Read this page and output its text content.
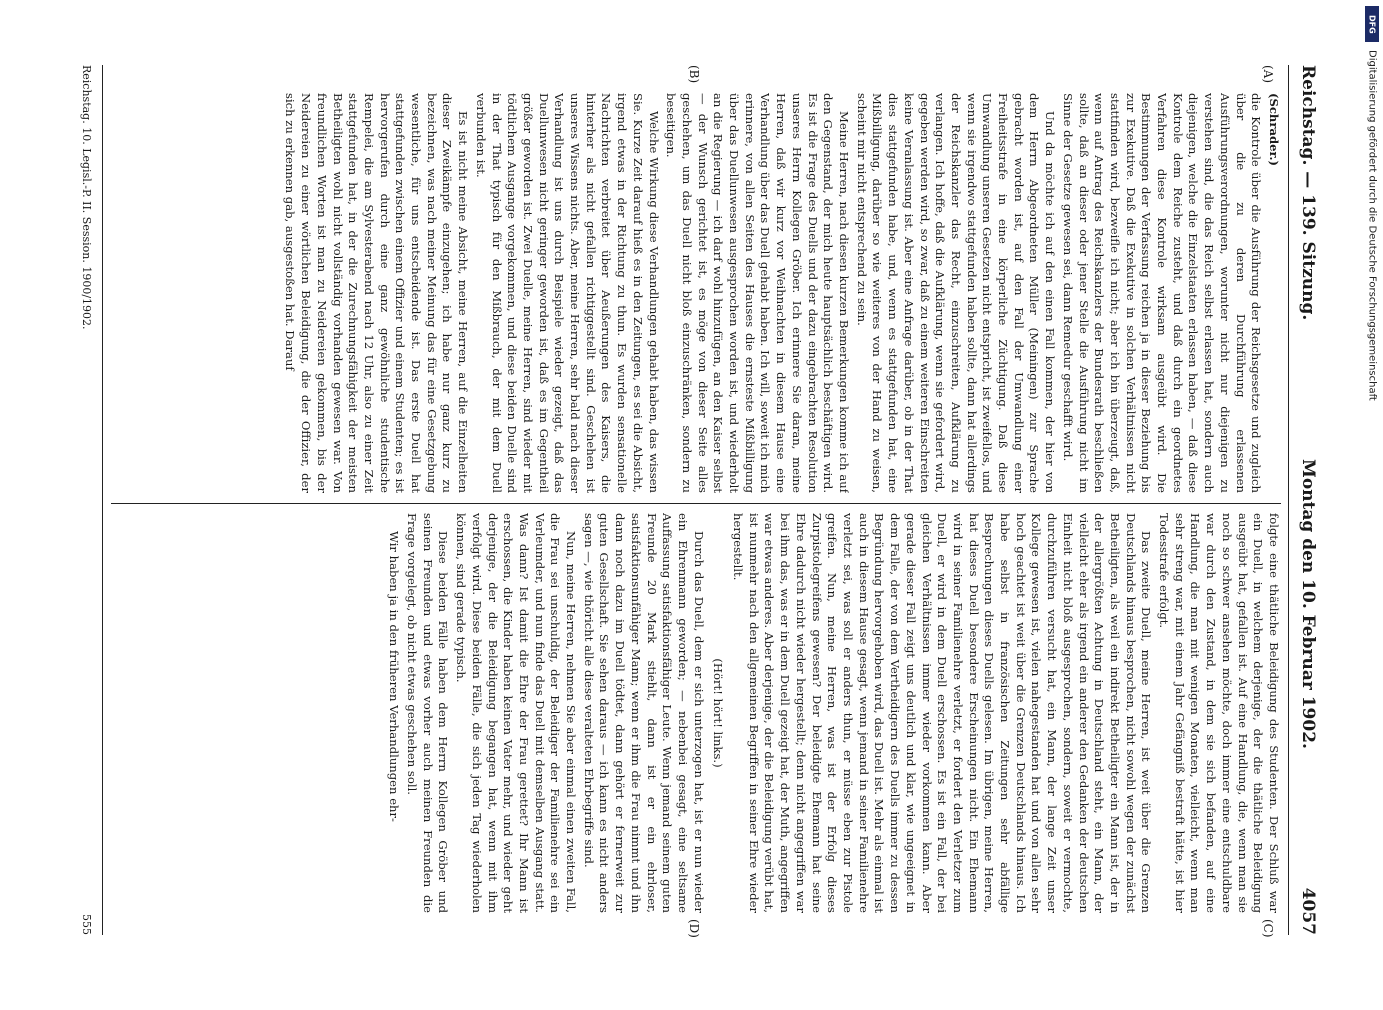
Reichstag. — 139. Sitzung.
Montag den 10. Februar 1902.
4057
(A)
(B)
(C)
(D)

(Schrader.)

die Kontrole über die Ausführung der Reichsgesetze und zugleich über die zu deren Durchführung erlassenen Ausführungsverordnungen, worunter nicht nur diejenigen zu verstehen sind, die das Reich selbst erlassen hat, sondern auch diejenigen, welche die Einzelstaaten erlassen haben, — daß diese Kontrole dem Reiche zusteht, und daß durch ein geordnetes Verfahren diese Kontrole wirksam ausgeübt wird. Die Bestimmungen der Verfassung reichen ja in dieser Beziehung bis zur Exekutive. Daß die Exekutive in solchen Verhältnissen nicht stattfinden wird, bezweifle ich nicht; aber ich bin überzeugt, daß, wenn auf Antrag des Reichskanzlers der Bundesrath beschließen sollte, daß an dieser oder jener Stelle die Ausführung nicht im Sinne der Gesetze gewesen sei, dann Remedur geschafft wird.

Und da möchte ich auf den einen Fall kommen, der hier von dem Herrn Abgeordneten Müller (Meiningen) zur Sprache gebracht worden ist, auf den Fall der Umwandlung einer Freiheitsstrafe in eine körperliche Züchtigung. Daß diese Umwandlung unseren Gesetzen nicht entspricht, ist zweifellos, und wenn sie irgendwo stattgefunden haben sollte, dann hat allerdings der Reichskanzler das Recht, einzuschreiten, Aufklärung zu verlangen. Ich hoffe, daß die Aufklärung, wenn sie gefordert wird, gegeben werden wird, so zwar, daß zu einem weiteren Einschreiten keine Veranlassung ist. Aber eine Anfrage darüber, ob in der That dies stattgefunden habe, und, wenn es stattgefunden hat, eine Mißbilligung, darüber so wie weiteres von der Hand zu weisen, scheint mir nicht entsprechend zu sein.

Meine Herren, nach diesen kurzen Bemerkungen komme ich auf den Gegenstand, der mich heute hauptsächlich beschäftigen wird. Es ist die Frage des Duells und der dazu eingebrachten Resolution unseres Herrn Kollegen Gröber. Ich erinnere Sie daran, meine Herren, daß wir kurz vor Weihnachten in diesem Hause eine Verhandlung über das Duell gehabt haben. Ich will, soweit ich mich erinnere, von allen Seiten des Hauses die ernsteste Mißbilligung über das Duellunwesen ausgesprochen worden ist, und wiederholt an die Regierung — ich darf wohl hinzufügen, an den Kaiser selbst — der Wunsch gerichtet ist, es möge von dieser Seite alles geschehen, um das Duell nicht bloß einzuschränken, sondern zu beseitigen.

Welche Wirkung diese Verhandlungen gehabt haben, das wissen Sie. Kurze Zeit darauf hieß es in den Zeitungen, es sei die Absicht, irgend etwas in der Richtung zu thun. Es wurden sensationelle Nachrichten verbreitet über Aeußerungen des Kaisers, die hinterher als nicht gefallen richtiggestellt sind. Geschehen ist unseres Wissens nichts. Aber, meine Herren, sehr bald nach dieser Verhandlung ist uns durch Beispiele wieder gezeigt, daß das Duellunwesen nicht geringer geworden ist, daß es im Gegentheil größer geworden ist. Zwei Duelle, meine Herren, sind wieder mit tödtlichem Ausgange vorgekommen, und diese beiden Duelle sind in der That typisch für den Mißbrauch, der mit dem Duell verbunden ist.

Es ist nicht meine Absicht, meine Herren, auf die Einzelheiten dieser Zweikämpfe einzugehen; ich habe nur ganz kurz zu bezeichnen, was nach meiner Meinung das für eine Gesetzgebung wesentliche, für uns entscheidende ist. Das erste Duell hat stattgefunden zwischen einem Offizier und einem Studenten; es ist hervorgerufen durch eine ganz gewöhnliche studentische Rempelei, die am Sylvesterabend nach 12 Uhr, also zu einer Zeit stattgefunden hat, in der die Zurechnungsfähigkeit der meisten Betheiligten wohl nicht vollständig vorhanden gewesen war. Von freundlichen Worten ist man zu Neidereien gekommen, bis der Neidereien zu einer wörtlichen Beleidigung, die der Offizier, der sich zu erkennen gab, ausgestoßen hat. Darauf

folgte eine thätliche Beleidigung des Studenten. Der Schluß war ein Duell, in welchem derjenige, der die thätliche Beleidigung ausgeübt hat, gefallen ist. Auf eine Handlung, die, wenn man sie noch so schwer ansehen möchte, doch immer eine entschuldbare war durch den Zustand, in dem sie sich befanden, auf eine Handlung, die man mit wenigen Monaten, vielleicht, wenn man sehr streng war, mit einem Jahr Gefängniß bestraft hätte, ist hier Todesstrafe erfolgt.

Das zweite Duell, meine Herren, ist weit über die Grenzen Deutschlands hinaus besprochen, nicht sowohl wegen der zunächst Betheiligten, als weil ein indirekt Betheiligter ein Mann ist, der in der allergrößten Achtung in Deutschland steht, ein Mann, der vielleicht eher als irgend ein anderer den Gedanken der deutschen Einheit nicht bloß ausgesprochen, sondern, soweit er vermochte, durchzuführen versucht hat, ein Mann, der lange Zeit unser Kollege gewesen ist, vielen nahegestanden hat und von allen sehr hoch geachtet ist weit über die Grenzen Deutschlands hinaus. Ich habe selbst in französischen Zeitungen sehr abfällige Besprechungen dieses Duells gelesen. Im übrigen, meine Herren, hat dieses Duell besondere Erscheinungen nicht. Ein Ehemann wird in seiner Familienehre verletzt, er fordert den Verletzer zum Duell, er wird in dem Duell erschossen. Es ist ein Fall, der bei gleichen Verhältnissen immer wieder vorkommen kann. Aber gerade dieser Fall zeigt uns deutlich und klar, wie ungeeignet in dem Falle, der von dem Vertheidigern des Duells immer zu dessen Begründung hervorgehoben wird, das Duell ist. Mehr als einmal ist auch in diesem Hause gesagt, wenn jemand in seiner Familienehre verletzt sei, was soll er anders thun, er müsse eben zur Pistole greifen. Nun, meine Herren, was ist der Erfolg dieses Zurpistolegreifens gewesen? Der beleidigte Ehemann hat seine Ehre dadurch nicht wieder hergestellt; denn nicht angegriffen war bei ihm das, was er in dem Duell gezeigt hat, der Muth, angegriffen war etwas anderes. Aber derjenige, der die Beleidigung verübt hat, ist nunmehr nach den allgemeinen Begriffen in seiner Ehre wieder hergestellt.

(Hört! hört! links.)

Durch das Duell, dem er sich unterzogen hat, ist er nun wieder ein Ehrenmann geworden; — nebenbei gesagt, eine seltsame Auffassung satisfaktionsfähiger Leute. Wenn jemand seinem guten Freunde 20 Mark stiehlt, dann ist er ein ehrloser, satisfaktionsunfähiger Mann; wenn er ihm die Frau nimmt und ihn dann noch dazu im Duell tödtet, dann gehört er fernerweit zur guten Gesellschaft. Sie sehen daraus — ich kann es nicht anders sagen —, wie thöricht alle diese veralteten Ehrbegriffe sind.

Nun, meine Herren, nehmen Sie aber einmal einen zweiten Fall, die Frau sei unschuldig, der Beleidiger der Familienehre sei ein Verleumder, und nun finde das Duell mit demselben Ausgang statt. Was dann? Ist damit die Ehre der Frau gerettet? Ihr Mann ist erschossen, die Kinder haben keinen Vater mehr, und wieder geht derjenige, der die Beleidigung begangen hat, wenn mit ihm verfolgt wird. Diese beiden Fälle, die sich jeden Tag wiederholen können, sind gerade typisch.

Diese beiden Fälle haben dem Herrn Kollegen Gröber und seinen Freunden und etwas vorher auch meinen Freunden die Frage vorgelegt, ob nicht etwas geschehen soll.

Wir haben ja in den früheren Verhandlungen ehr-

Reichstag. 10. Legisl.-P. II. Session. 1900/1902.
555
DFG
Digitalisierung gefördert durch die Deutsche Forschungsgemeinschaft
